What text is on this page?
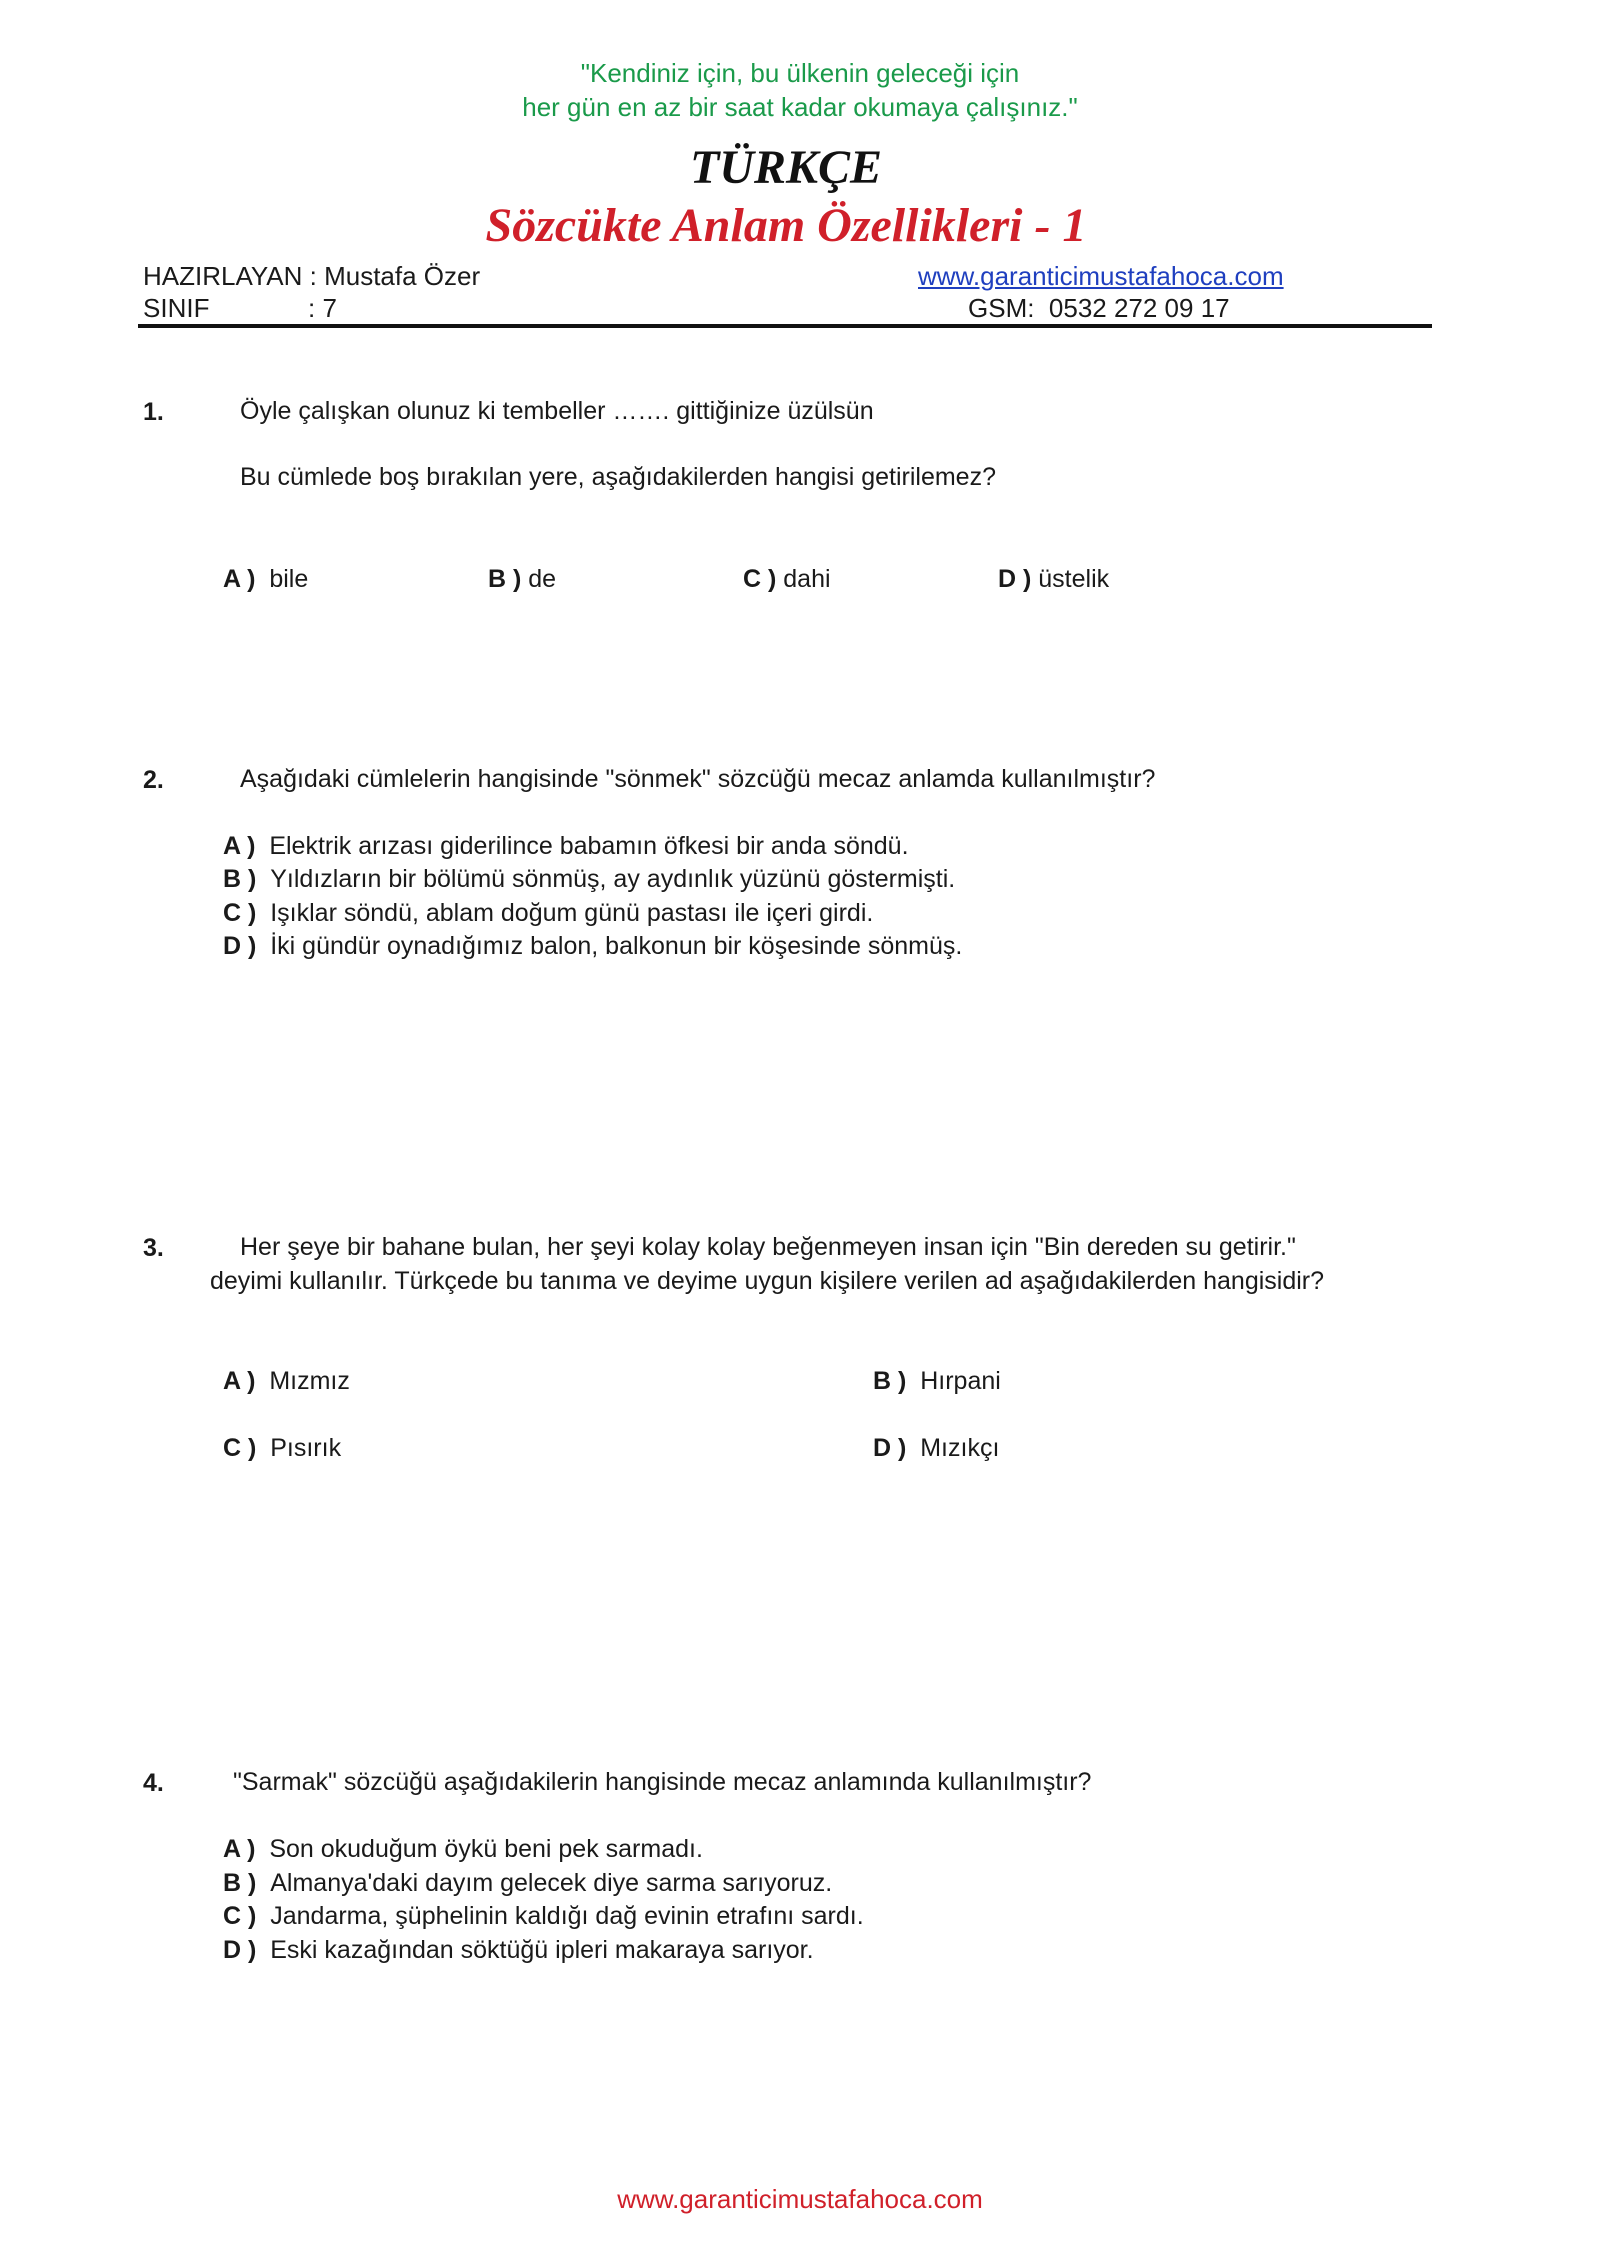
"Kendiniz için, bu ülkenin geleceği için
her gün en az bir saat kadar okumaya çalışınız."
TÜRKÇE
Sözcükte Anlam Özellikleri - 1
HAZIRLAYAN : Mustafa Özer	www.garanticimustafahoca.com
SINIF	: 7	GSM:  0532 272 09 17
1.	Öyle çalışkan olunuz ki tembeller ……. gittiğinize üzülsün
Bu cümlede boş bırakılan yere, aşağıdakilerden hangisi getirilemez?
A ) bile	B ) de	C ) dahi	D ) üstelik
2.	Aşağıdaki cümlelerin hangisinde "sönmek" sözcüğü mecaz anlamda kullanılmıştır?
A ) Elektrik arızası giderilince babamın öfkesi bir anda söndü.
B ) Yıldızların bir bölümü sönmüş, ay aydınlık yüzünü göstermişti.
C ) Işıklar söndü, ablam doğum günü pastası ile içeri girdi.
D ) İki gündür oynadığımız balon, balkonun bir köşesinde sönmüş.
3.	Her şeye bir bahane bulan, her şeyi kolay kolay beğenmeyen insan için "Bin dereden su getirir."
deyimi kullanılır. Türkçede bu tanıma ve deyime uygun kişilere verilen ad aşağıdakilerden hangisidir?
A ) Mızmız	B ) Hırpani
C ) Pısırık	D ) Mızıkçı
4.	"Sarmak" sözcüğü aşağıdakilerin hangisinde mecaz anlamında kullanılmıştır?
A ) Son okuduğum öykü beni pek sarmadı.
B ) Almanya'daki dayım gelecek diye sarma sarıyoruz.
C ) Jandarma, şüphelinin kaldığı dağ evinin etrafını sardı.
D ) Eski kazağından söktüğü ipleri makaraya sarıyor.
www.garanticimustafahoca.com
